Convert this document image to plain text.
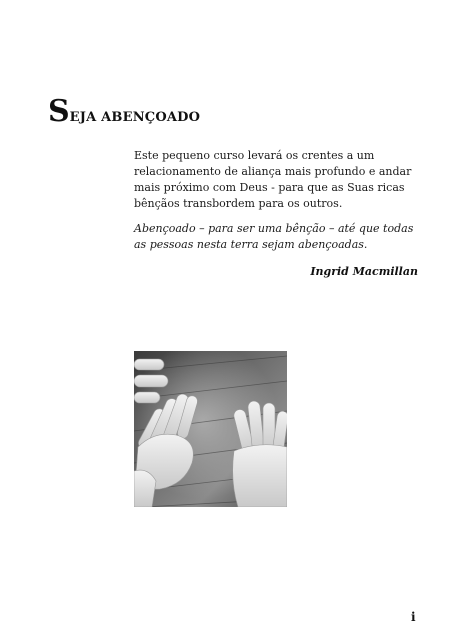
SEJA ABENÇOADO

Este pequeno curso levará os crentes a um relacionamento de aliança mais profundo e andar mais próximo com Deus - para que as Suas ricas bênçãos transbordem para os outros.

Abençoado – para ser uma bênção – até que todas as pessoas nesta terra sejam abençoadas.

Ingrid Macmillan

i
